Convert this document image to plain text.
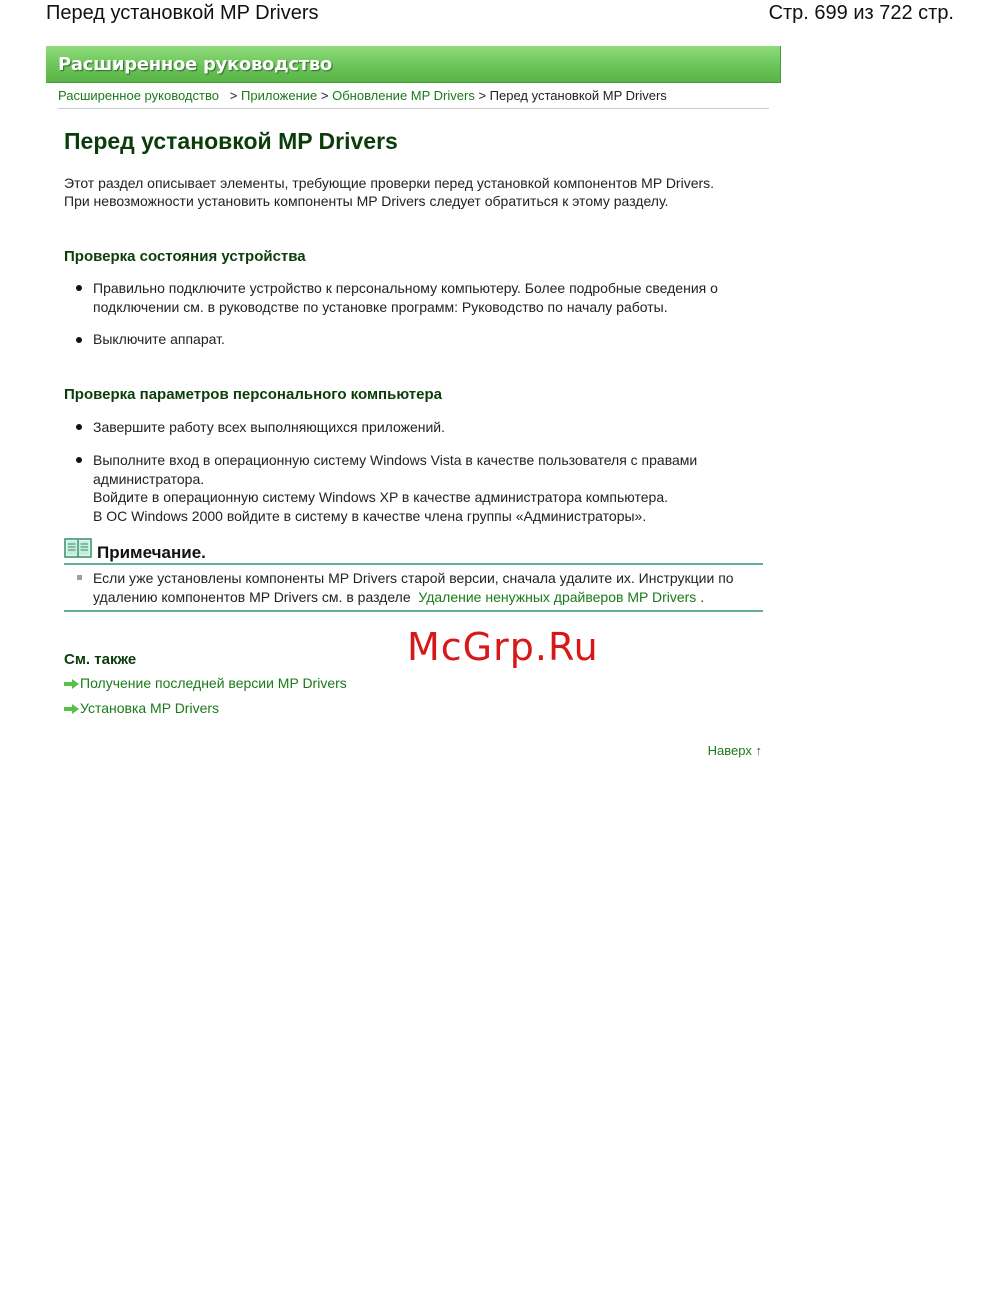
Перед установкой MP Drivers	Стр. 699 из 722 стр.
Расширенное руководство
Расширенное руководство > Приложение > Обновление MP Drivers > Перед установкой MP Drivers
Перед установкой MP Drivers
Этот раздел описывает элементы, требующие проверки перед установкой компонентов MP Drivers.
При невозможности установить компоненты MP Drivers следует обратиться к этому разделу.
Проверка состояния устройства
Правильно подключите устройство к персональному компьютеру. Более подробные сведения о подключении см. в руководстве по установке программ: Руководство по началу работы.
Выключите аппарат.
Проверка параметров персонального компьютера
Завершите работу всех выполняющихся приложений.
Выполните вход в операционную систему Windows Vista в качестве пользователя с правами администратора.
Войдите в операционную систему Windows XP в качестве администратора компьютера.
В ОС Windows 2000 войдите в систему в качестве члена группы «Администраторы».
Примечание.
Если уже установлены компоненты MP Drivers старой версии, сначала удалите их. Инструкции по удалению компонентов MP Drivers см. в разделе Удаление ненужных драйверов MP Drivers .
McGrp.Ru
См. также
Получение последней версии MP Drivers
Установка MP Drivers
Наверх ↑
